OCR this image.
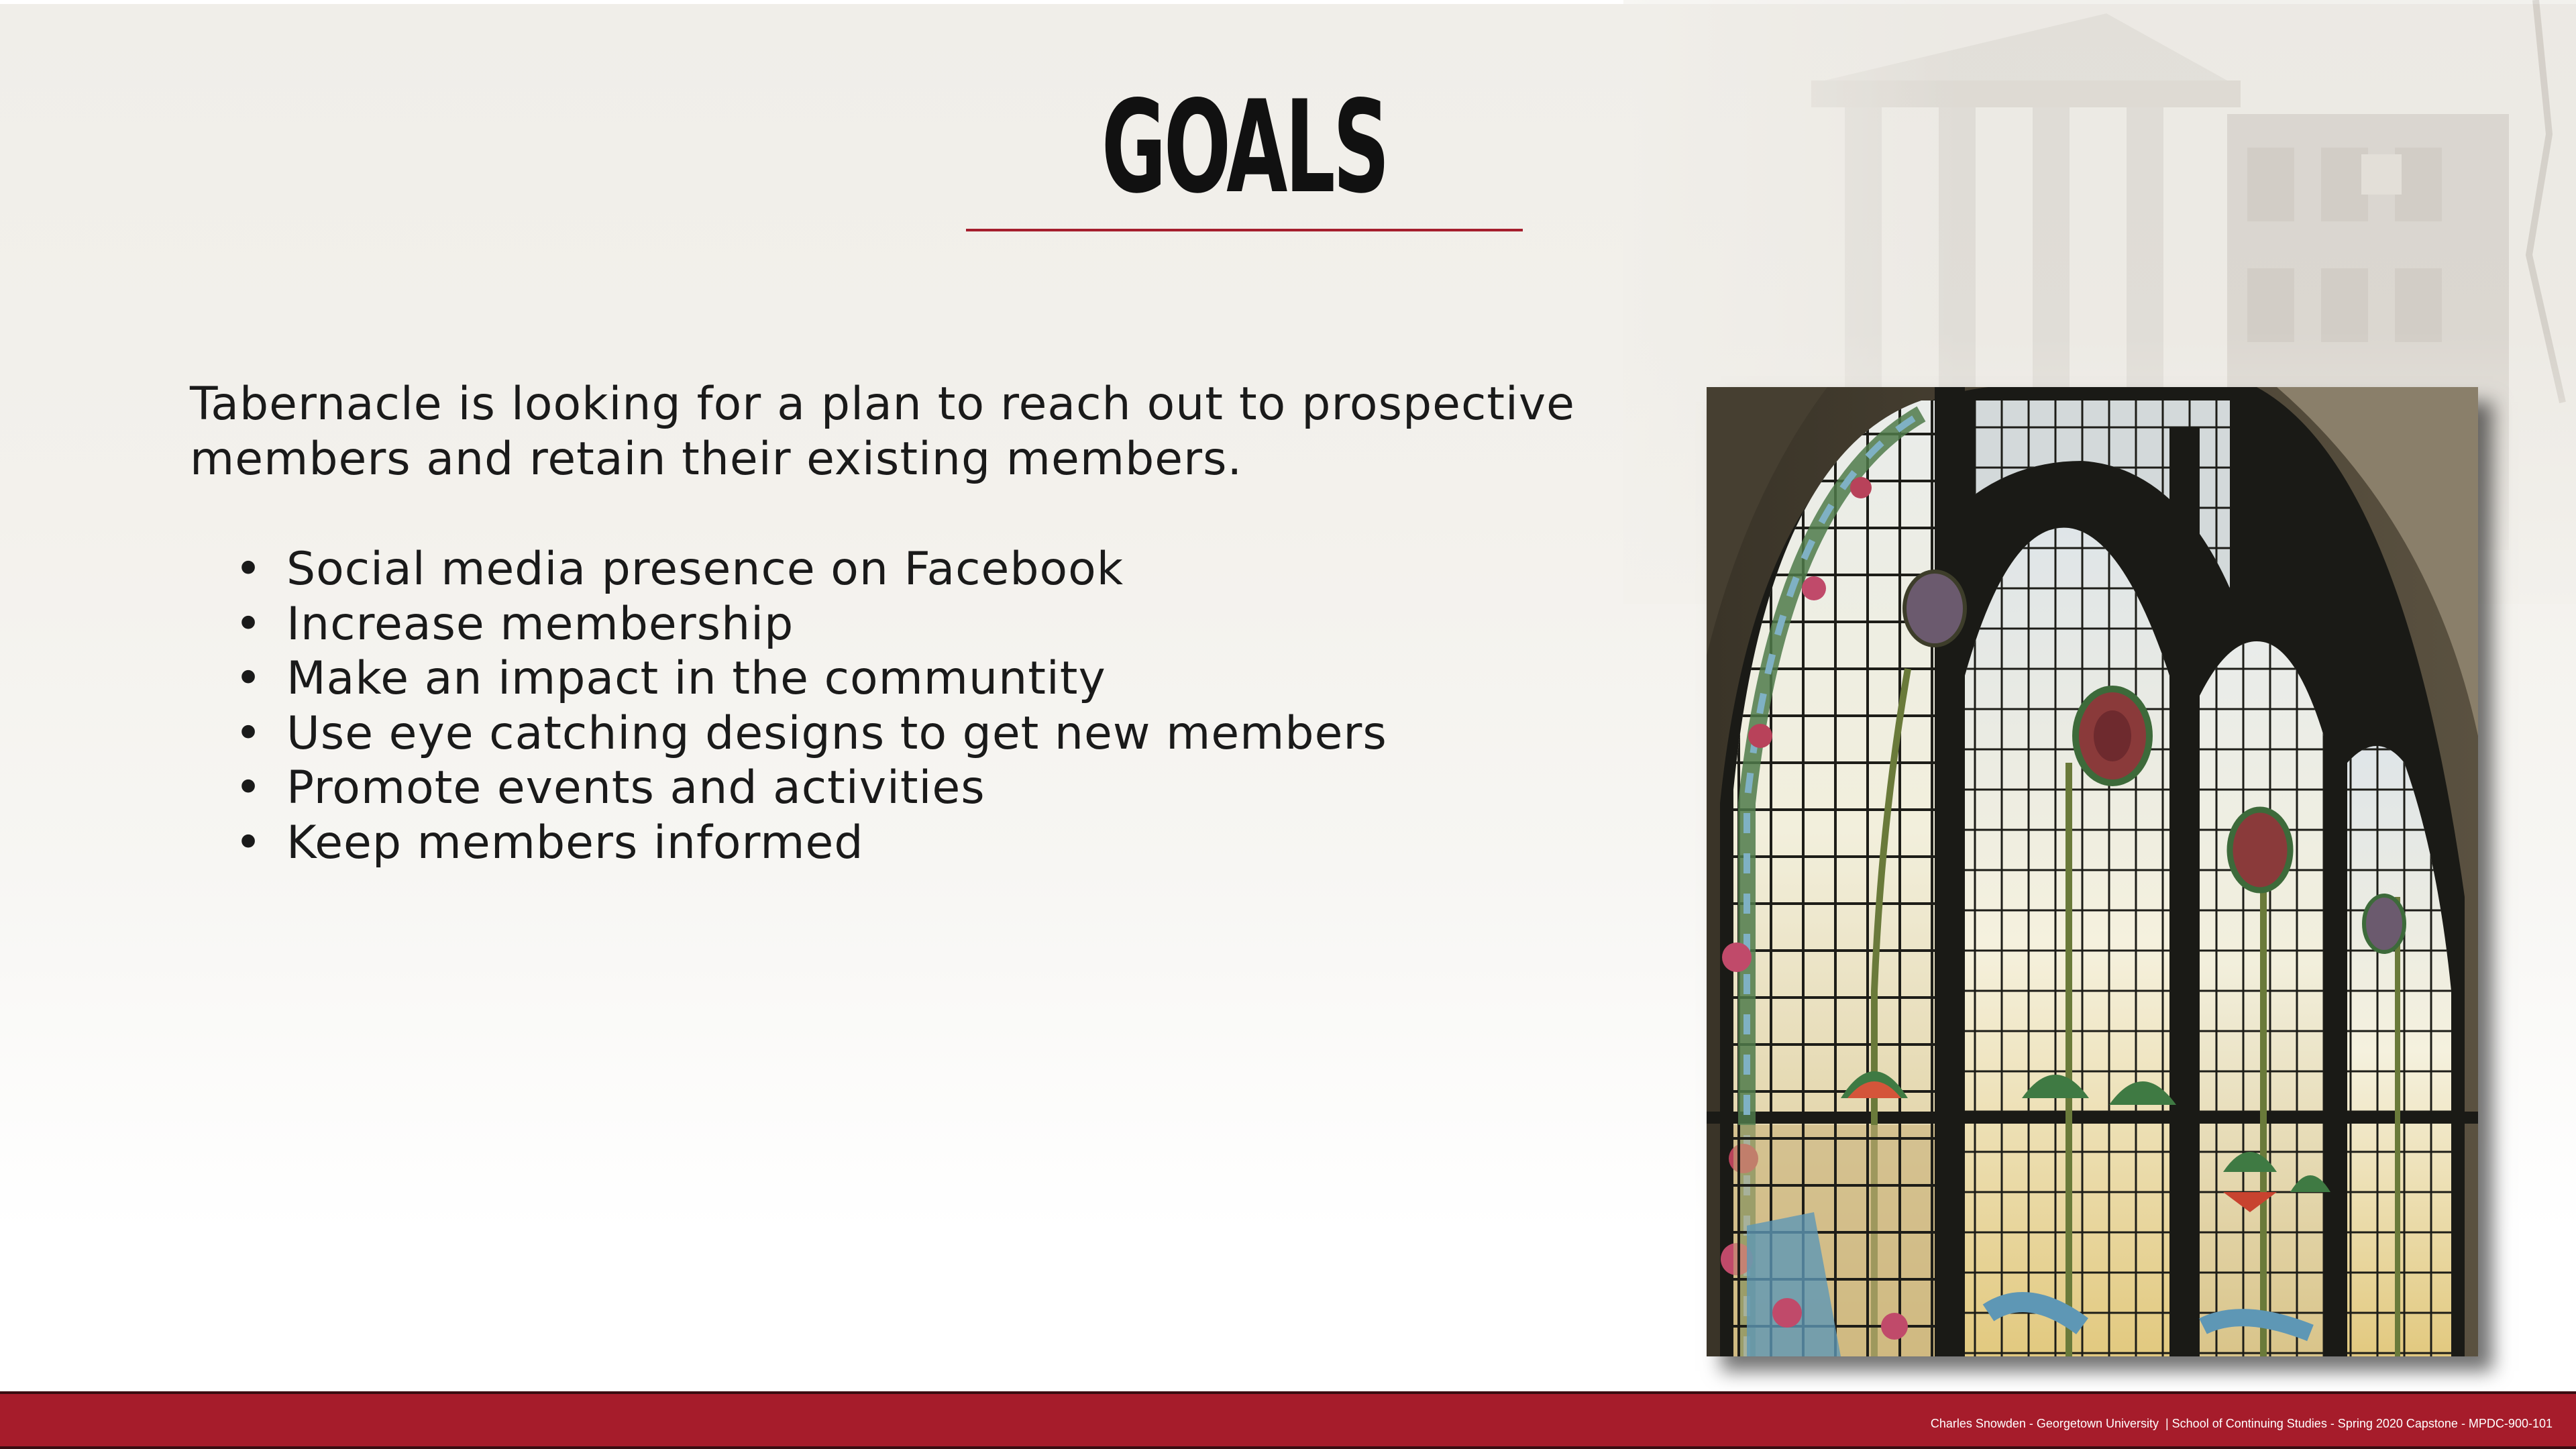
GOALS
Tabernacle is looking for a plan to reach out to prospective members and retain their existing members.
• Social media presence on Facebook
• Increase membership
• Make an impact in the communtity
• Use eye catching designs to get new members
• Promote events and activities
• Keep members informed
Charles Snowden - Georgetown University  | School of Continuing Studies - Spring 2020 Capstone - MPDC-900-101
